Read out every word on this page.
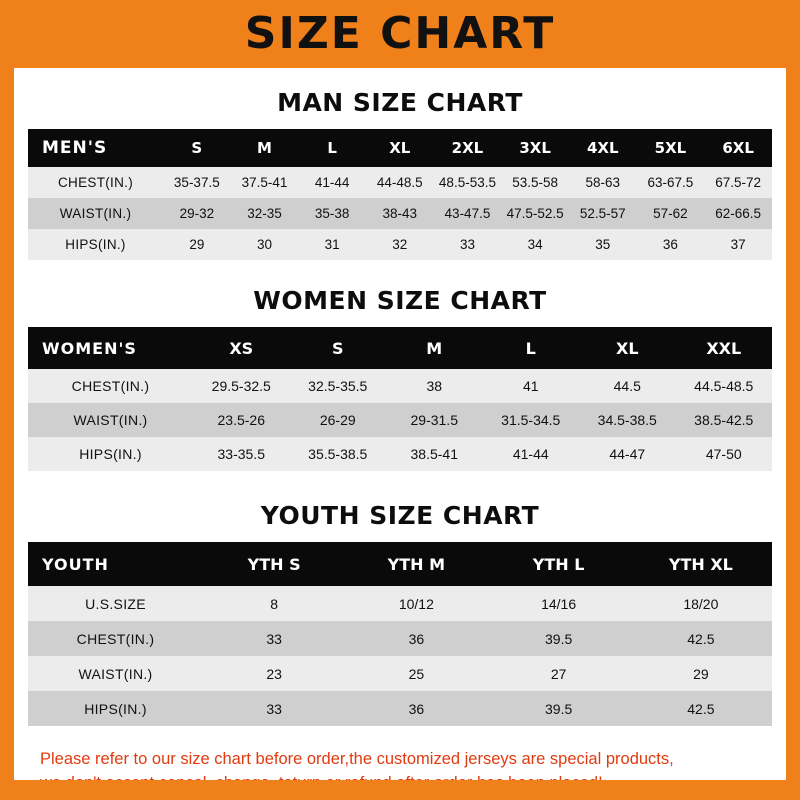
SIZE CHART
MAN SIZE CHART
MEN'S	S	M	L	XL	2XL	3XL	4XL	5XL	6XL
CHEST(IN.)	35-37.5	37.5-41	41-44	44-48.5	48.5-53.5	53.5-58	58-63	63-67.5	67.5-72
WAIST(IN.)	29-32	32-35	35-38	38-43	43-47.5	47.5-52.5	52.5-57	57-62	62-66.5
HIPS(IN.)	29	30	31	32	33	34	35	36	37
WOMEN SIZE CHART
WOMEN'S	XS	S	M	L	XL	XXL
CHEST(IN.)	29.5-32.5	32.5-35.5	38	41	44.5	44.5-48.5
WAIST(IN.)	23.5-26	26-29	29-31.5	31.5-34.5	34.5-38.5	38.5-42.5
HIPS(IN.)	33-35.5	35.5-38.5	38.5-41	41-44	44-47	47-50
YOUTH SIZE CHART
YOUTH	YTH S	YTH M	YTH L	YTH XL
U.S.SIZE	8	10/12	14/16	18/20
CHEST(IN.)	33	36	39.5	42.5
WAIST(IN.)	23	25	27	29
HIPS(IN.)	33	36	39.5	42.5
Please refer to our size chart before order,the customized jerseys are special products,
